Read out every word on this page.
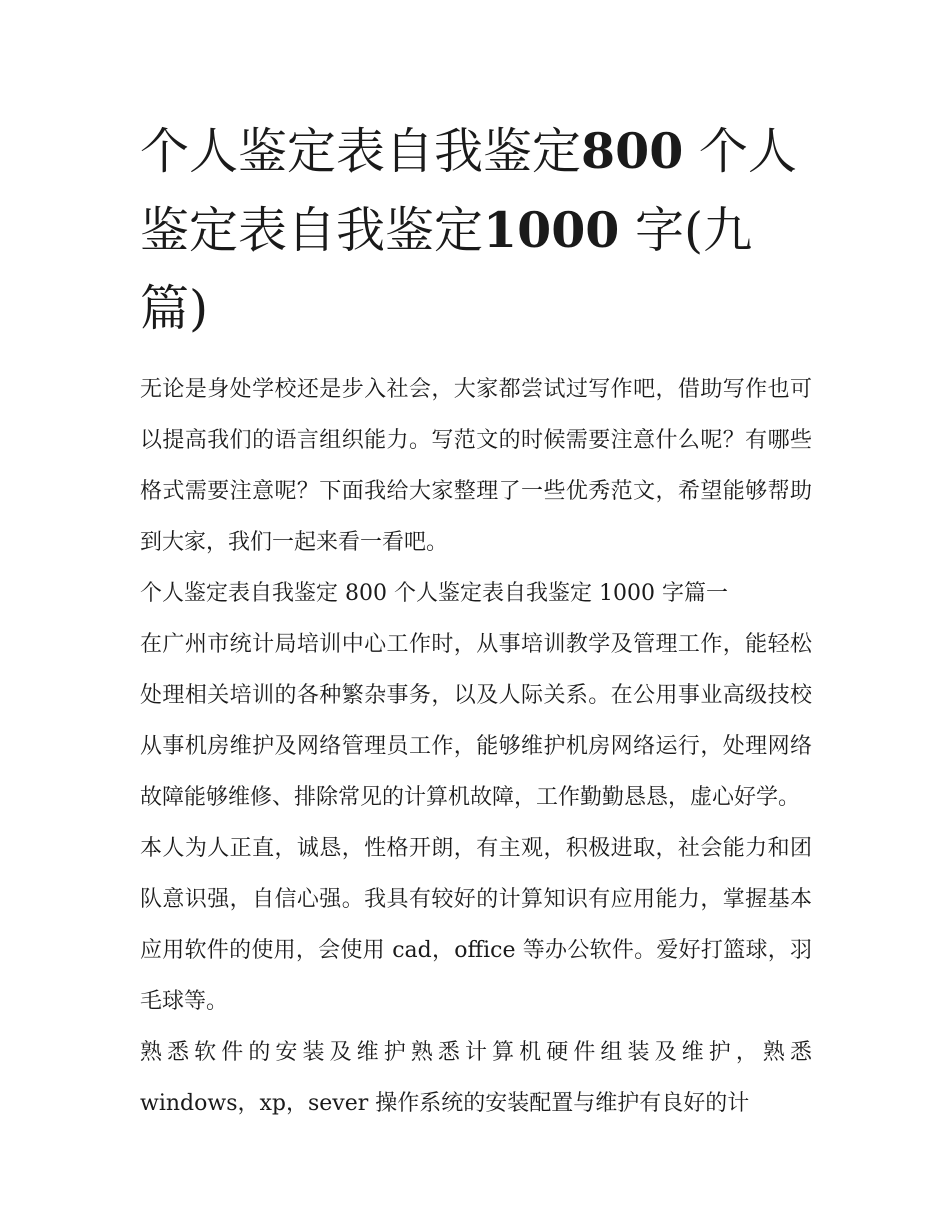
个人鉴定表自我鉴定800 个人鉴定表自我鉴定1000 字(九篇)

无论是身处学校还是步入社会，大家都尝试过写作吧，借助写作也可以提高我们的语言组织能力。写范文的时候需要注意什么呢？有哪些格式需要注意呢？下面我给大家整理了一些优秀范文，希望能够帮助到大家，我们一起来看一看吧。

个人鉴定表自我鉴定 800 个人鉴定表自我鉴定 1000 字篇一

在广州市统计局培训中心工作时，从事培训教学及管理工作，能轻松处理相关培训的各种繁杂事务，以及人际关系。在公用事业高级技校从事机房维护及网络管理员工作，能够维护机房网络运行，处理网络故障能够维修、排除常见的计算机故障，工作勤勤恳恳，虚心好学。

本人为人正直，诚恳，性格开朗，有主观，积极进取，社会能力和团队意识强，自信心强。我具有较好的计算知识有应用能力，掌握基本应用软件的使用，会使用 cad，office 等办公软件。爱好打篮球，羽毛球等。

熟悉软件的安装及维护熟悉计算机硬件组装及维护，熟悉 windows，xp，sever 操作系统的安装配置与维护有良好的计
